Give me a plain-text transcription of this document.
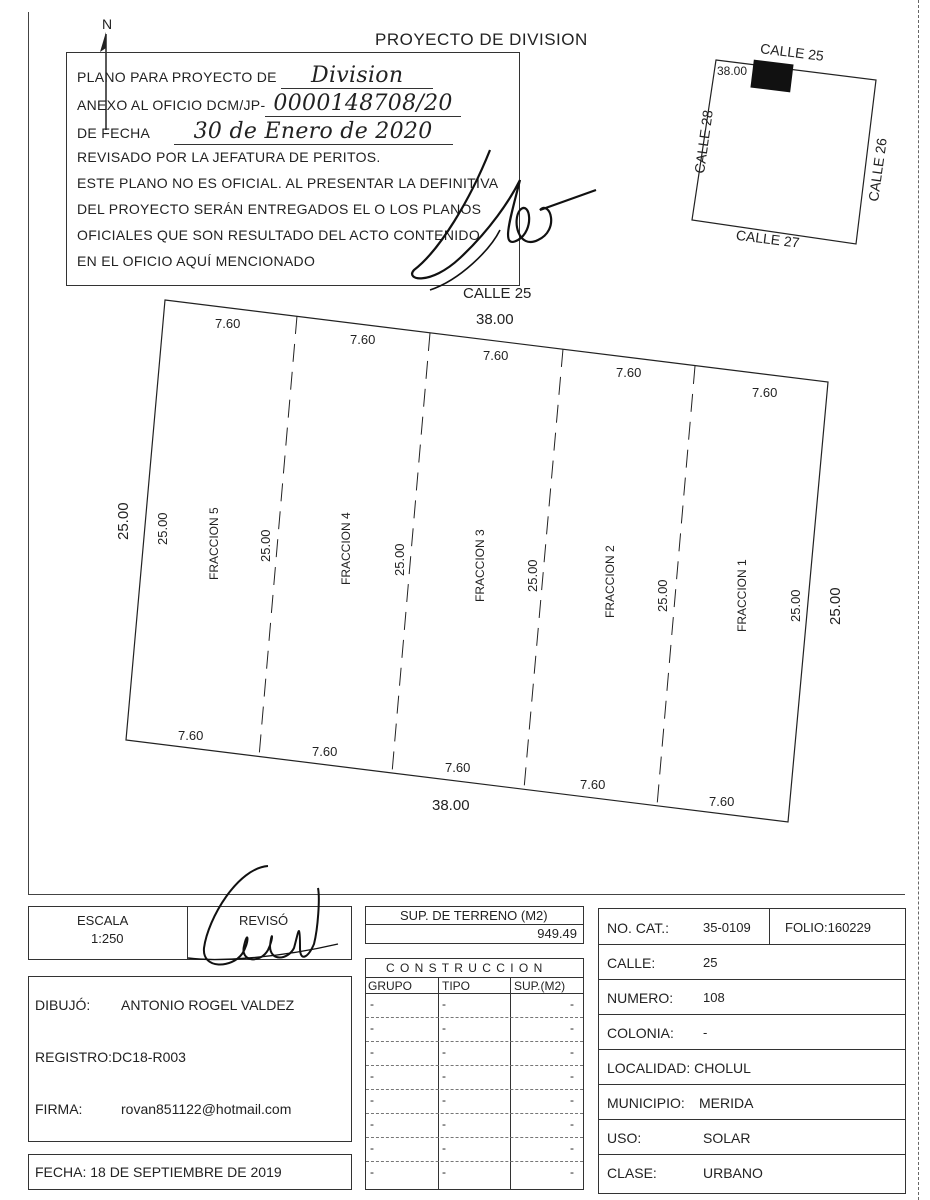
N
PROYECTO DE DIVISION
PLANO PARA PROYECTO DE Division
ANEXO AL OFICIO DCM/JP- 0000148708/20
DE FECHA 30 de Enero de 2020
REVISADO POR LA JEFATURA DE PERITOS.
ESTE PLANO NO ES OFICIAL. AL PRESENTAR LA DEFINITIVA
DEL PROYECTO SERÁN ENTREGADOS EL O LOS PLANOS
OFICIALES QUE SON RESULTADO DEL ACTO CONTENIDO
EN EL OFICIO AQUÍ MENCIONADO
CALLE 25
38.00
CALLE 28	CALLE 26
CALLE 27
CALLE 25
38.00
38.00
25.00
25.00
7.60
7.60
25.00	FRACCION 5
7.60
7.60
25.00	FRACCION 4
7.60
7.60
25.00	FRACCION 3
7.60
7.60
25.00	FRACCION 2
7.60
7.60
25.00	FRACCION 1	25.00
ESCALA
1:250
REVISÓ
DIBUJÓ: ANTONIO ROGEL VALDEZ
REGISTRO:DC18-R003
FIRMA:	rovan851122@hotmail.com
FECHA: 18 DE SEPTIEMBRE DE 2019
SUP. DE TERRENO (M2)
949.49
C O N S T R U C C I O N
GRUPO TIPO	SUP.(M2)
-	-	-
-	-	-
-	-	-
-	-	-
-	-	-
-	-	-
-	-	-
-	-	-
NO. CAT.:	35-0109	FOLIO:160229
CALLE:	25
NUMERO: 108
COLONIA: -
LOCALIDAD: CHOLUL
MUNICIPIO: MERIDA
USO:	SOLAR
CLASE:	URBANO
